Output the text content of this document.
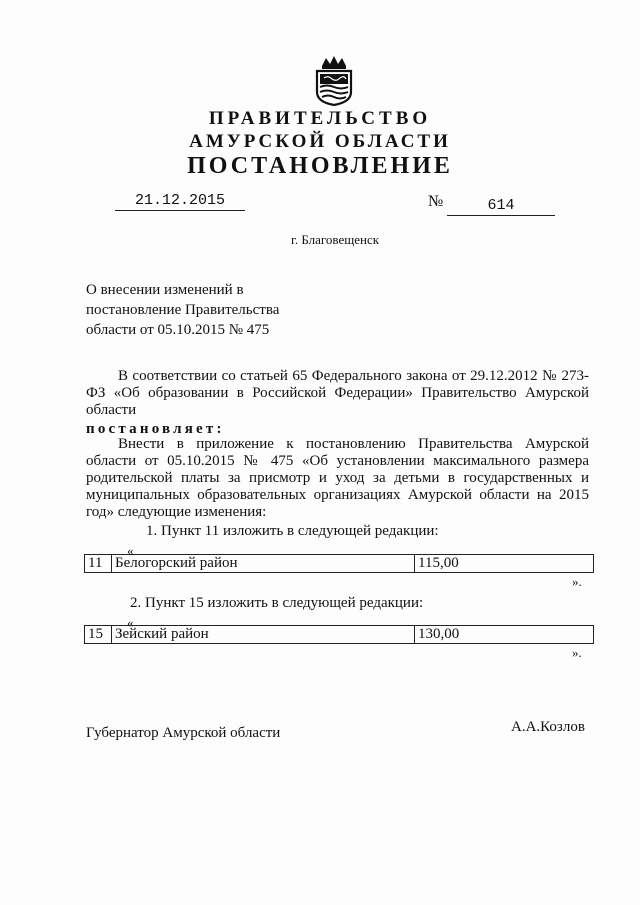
ПРАВИТЕЛЬСТВО
АМУРСКОЙ ОБЛАСТИ
ПОСТАНОВЛЕНИЕ
21.12.2015	№	614
г. Благовещенск
О внесении изменений в постановление Правительства области от 05.10.2015 № 475

В соответствии со статьей 65 Федерального закона от 29.12.2012 № 273-ФЗ «Об образовании в Российской Федерации» Правительство Амурской области

постановляет:

Внести в приложение к постановлению Правительства Амурской области от 05.10.2015 № 475 «Об установлении максимального размера родительской платы за присмотр и уход за детьми в государственных и муниципальных образовательных организациях Амурской области на 2015 год» следующие изменения:

1. Пункт 11 изложить в следующей редакции:
«
11	Белогорский район	115,00
».
2. Пункт 15 изложить в следующей редакции:
«
15	Зейский район	130,00
».
Губернатор Амурской области	А.А.Козлов
